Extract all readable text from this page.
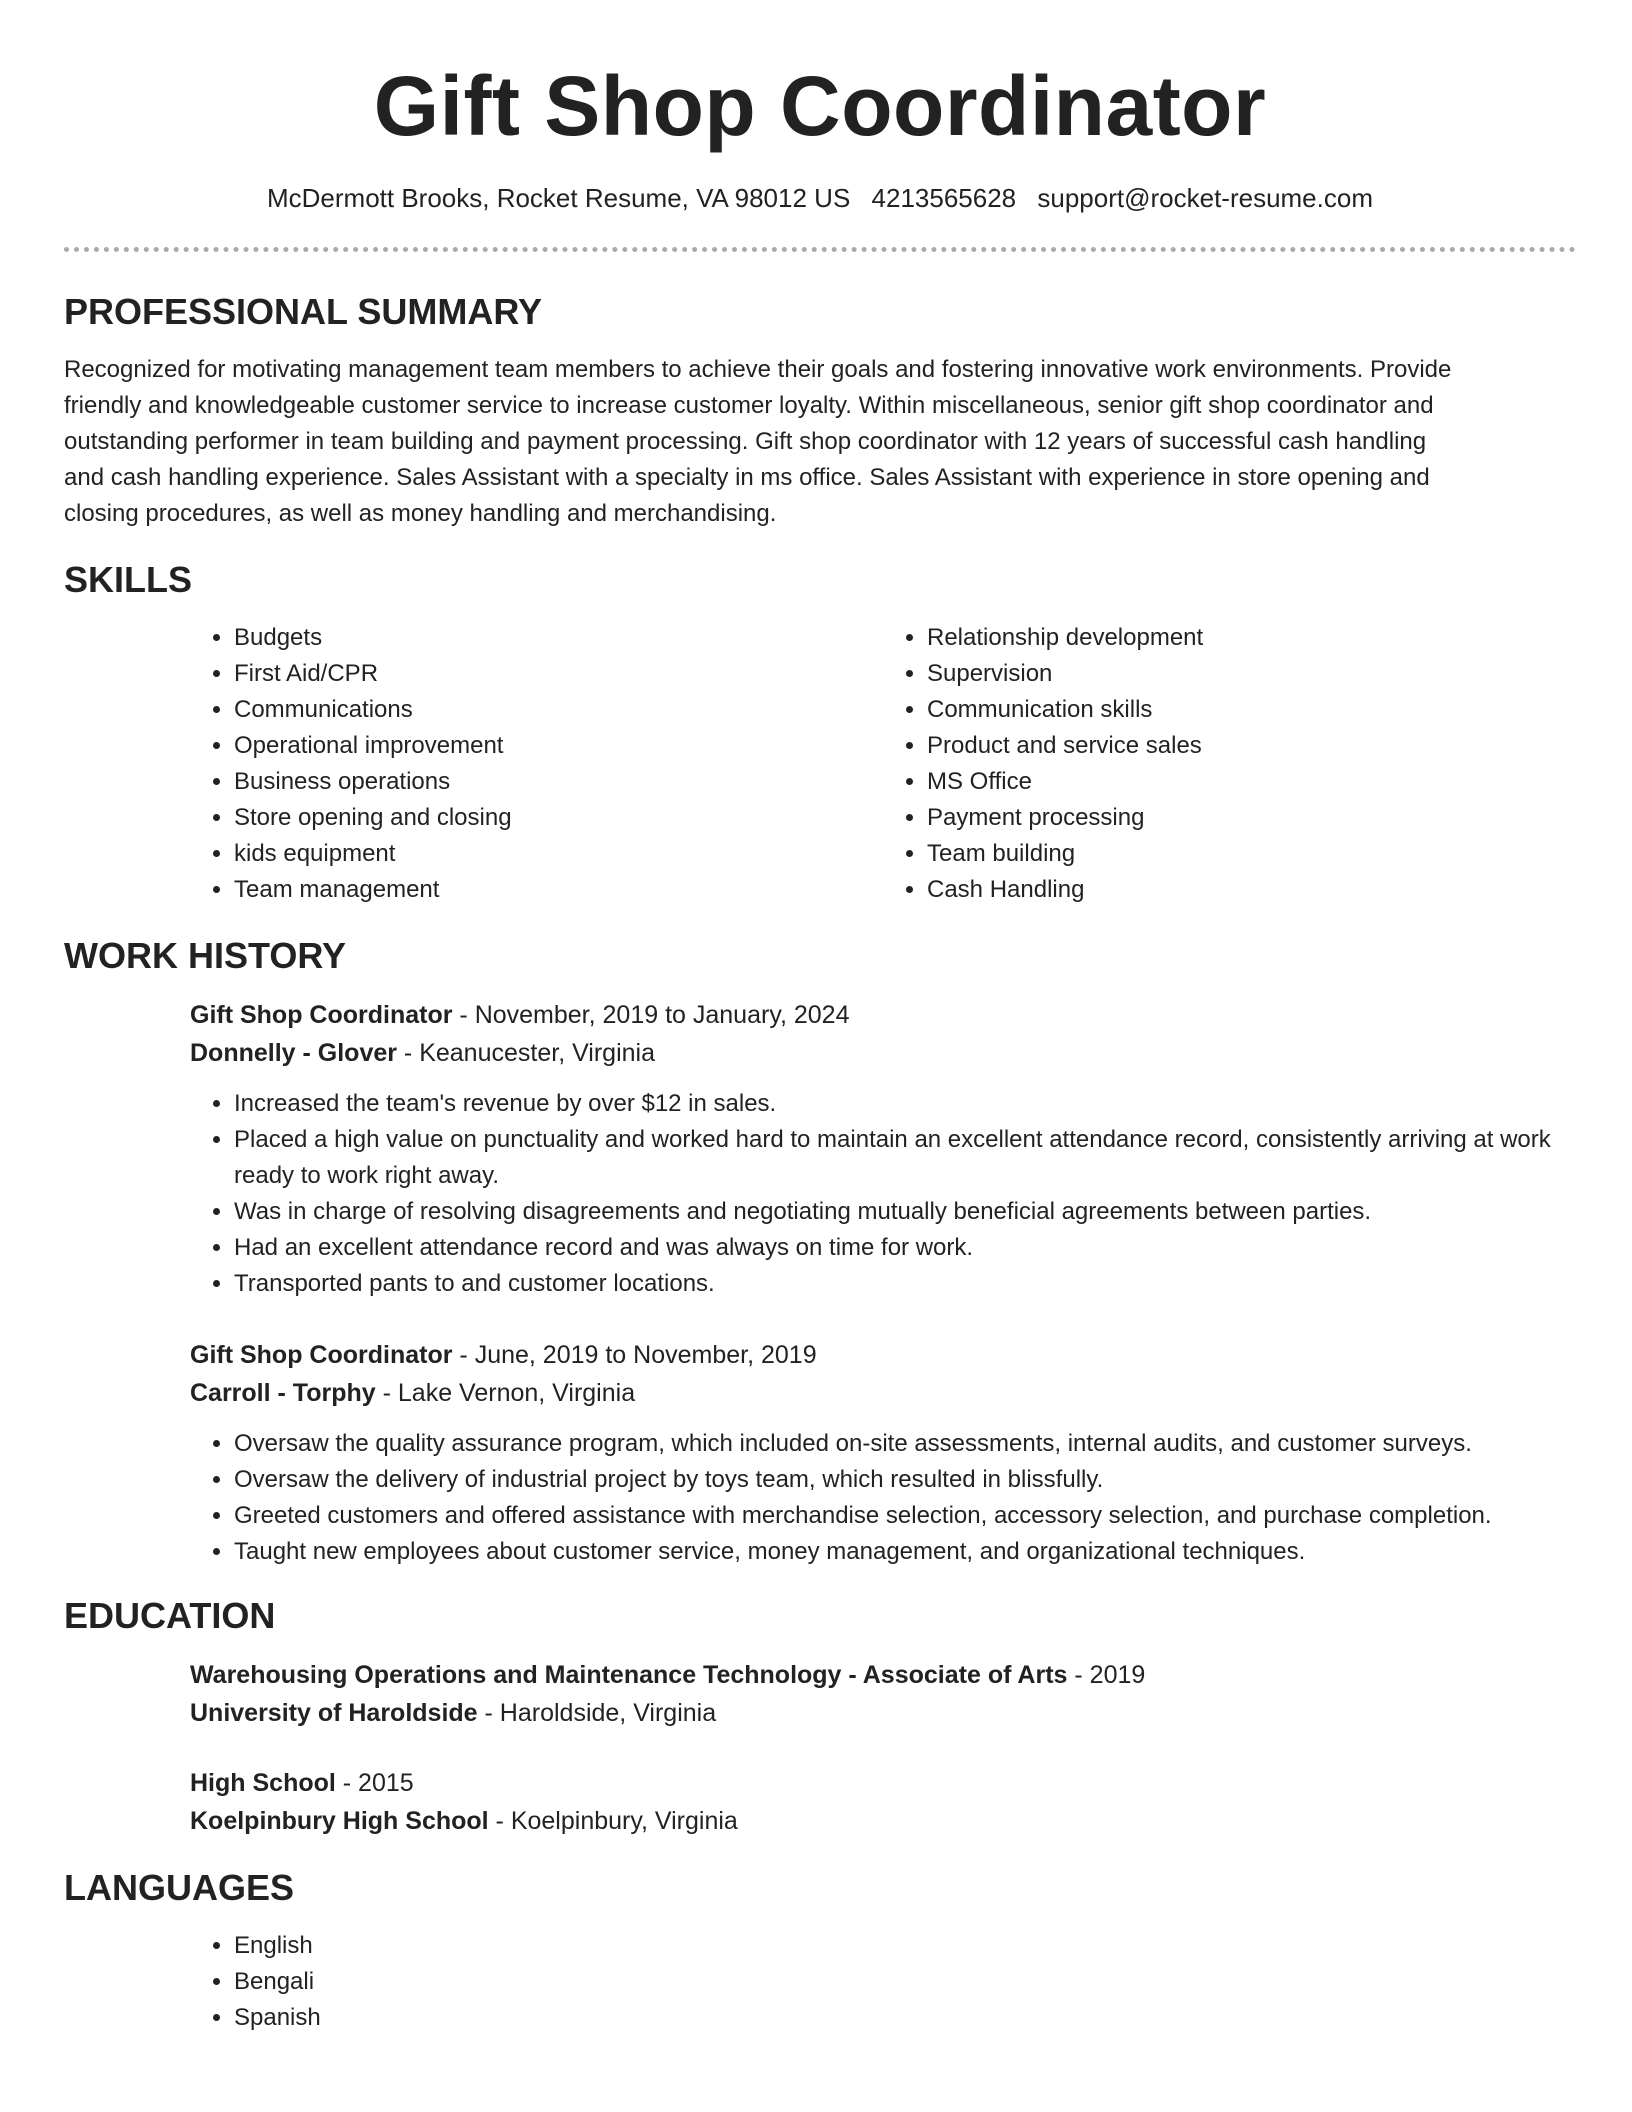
Gift Shop Coordinator
McDermott Brooks, Rocket Resume, VA 98012 US 4213565628 support@rocket-resume.com
PROFESSIONAL SUMMARY

Recognized for motivating management team members to achieve their goals and fostering innovative work environments. Provide friendly and knowledgeable customer service to increase customer loyalty. Within miscellaneous, senior gift shop coordinator and outstanding performer in team building and payment processing. Gift shop coordinator with 12 years of successful cash handling and cash handling experience. Sales Assistant with a specialty in ms office. Sales Assistant with experience in store opening and closing procedures, as well as money handling and merchandising.

SKILLS
• Budgets
• First Aid/CPR
• Communications
• Operational improvement
• Business operations
• Store opening and closing
• kids equipment
• Team management
• Relationship development
• Supervision
• Communication skills
• Product and service sales
• MS Office
• Payment processing
• Team building
• Cash Handling
WORK HISTORY
Gift Shop Coordinator - November, 2019 to January, 2024
Donnelly - Glover - Keanucester, Virginia
• Increased the team's revenue by over $12 in sales.
• Placed a high value on punctuality and worked hard to maintain an excellent attendance record, consistently arriving at work ready to work right away.
• Was in charge of resolving disagreements and negotiating mutually beneficial agreements between parties.
• Had an excellent attendance record and was always on time for work.
• Transported pants to and customer locations.
Gift Shop Coordinator - June, 2019 to November, 2019
Carroll - Torphy - Lake Vernon, Virginia
• Oversaw the quality assurance program, which included on-site assessments, internal audits, and customer surveys.
• Oversaw the delivery of industrial project by toys team, which resulted in blissfully.
• Greeted customers and offered assistance with merchandise selection, accessory selection, and purchase completion.
• Taught new employees about customer service, money management, and organizational techniques.
EDUCATION
Warehousing Operations and Maintenance Technology - Associate of Arts - 2019
University of Haroldside - Haroldside, Virginia
High School - 2015
Koelpinbury High School - Koelpinbury, Virginia
LANGUAGES
• English
• Bengali
• Spanish
